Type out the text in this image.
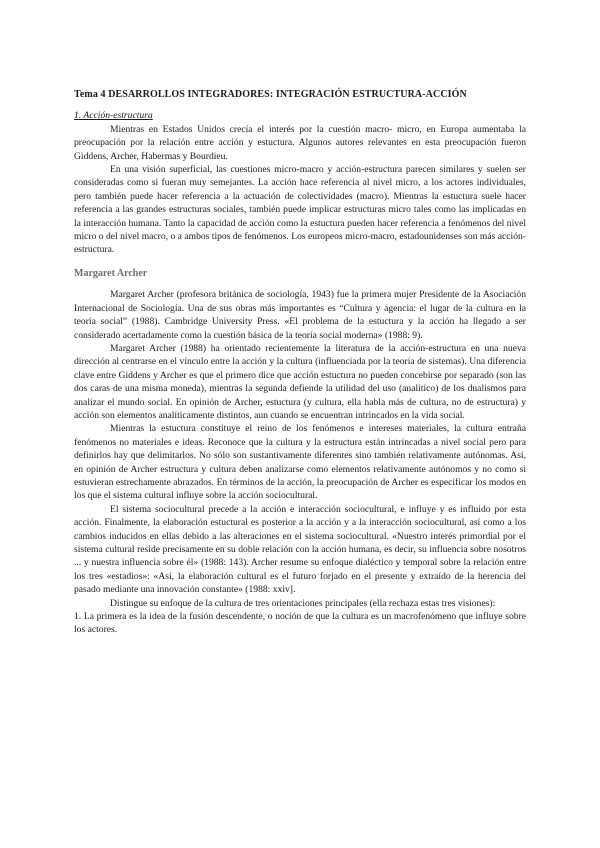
Tema 4 DESARROLLOS INTEGRADORES: INTEGRACIÓN ESTRUCTURA-ACCIÓN
1. Acción-estructura

Mientras en Estados Unidos crecía el interés por la cuestión macro- micro, en Europa aumentaba la preocupación por la relación entre acción y estuctura. Algunos autores relevantes en esta preocupación fueron Giddens, Archer, Habermas y Bourdieu.

En una visión superficial, las cuestiones micro-macro y acción-estructura parecen similares y suelen ser consideradas como si fueran muy semejantes. La acción hace referencia al nivel micro, a los actores individuales, pero también puede hacer referencia a la actuación de colectividades (macro). Mientras la estuctura suele hacer referencia a las grandes estructuras sociales, también puede implicar estructuras micro tales como las implicadas en la interacción humana. Tanto la capacidad de acción como la estuctura pueden hacer referencia a fenómenos del nivel micro o del nivel macro, o a ambos tipos de fenómenos. Los europeos micro-macro, estadounidenses son más acción-estructura.

Margaret Archer

Margaret Archer (profesora británica de sociología, 1943) fue la primera mujer Presidente de la Asociación Internacional de Sociología. Una de sus obras más importantes es “Cultura y agencia: el lugar de la cultura en la teoría social” (1988). Cambridge University Press. «El problema de la estuctura y la acción ha llegado a ser considerado acertadamente como la cuestión básica de la teoría social moderna» (1988: 9).

Margaret Archer (1988) ha orientado recientemente la literatura de la acción-estructura en una nueva dirección al centrarse en el vínculo entre la acción y la cultura (influenciada por la teoría de sistemas). Una diferencia clave entre Giddens y Archer es que el primero dice que acción estuctura no pueden concebirse por separado (son las dos caras de una misma moneda), mientras la segunda defiende la utilidad del uso (analítico) de los dualismos para analizar el mundo social. En opinión de Archer, estuctura (y cultura, ella habla más de cultura, no de estructura) y acción son elementos analíticamente distintos, aun cuando se encuentran intrincados en la vida social.

Mientras la estuctura constituye el reino de los fenómenos e intereses materiales, la cultura entraña fenómenos no materiales e ideas. Reconoce que la cultura y la estructura están intrincadas a nivel social pero para definirlos hay que delimitarlos. No sólo son sustantivamente diferentes sino también relativamente autónomas. Así, en opinión de Archer estructura y cultura deben analizarse como elementos relativamente autónomos y no como si estuvieran estrechamente abrazados. En términos de la acción, la preocupación de Archer es especificar los modos en los que el sistema cultural influye sobre la acción sociocultural.

El sistema sociocultural precede a la acción e interacción sociocultural, e influye y es influido por esta acción. Finalmente, la elaboración estuctural es posterior a la acción y a la interacción sociocultural, así como a los cambios inducidos en ellas debido a las alteraciones en el sistema sociocultural. «Nuestro interés primordial por el sistema cultural reside precisamente en su doble relación con la acción humana, es decir, su influencia sobre nosotros ... y nuestra influencia sobre él» (1988: 143). Archer resume su enfoque dialéctico y temporal sobre la relación entre los tres «estadios»: «Así, la elaboración cultural es el futuro forjado en el presente y extraído de la herencia del pasado mediante una innovación constante» (1988: xxiv].

Distingue su enfoque de la cultura de tres orientaciones principales (ella rechaza estas tres visiones):

1. La primera es la idea de la fusión descendente, o noción de que la cultura es un macrofenómeno que influye sobre los actores.
